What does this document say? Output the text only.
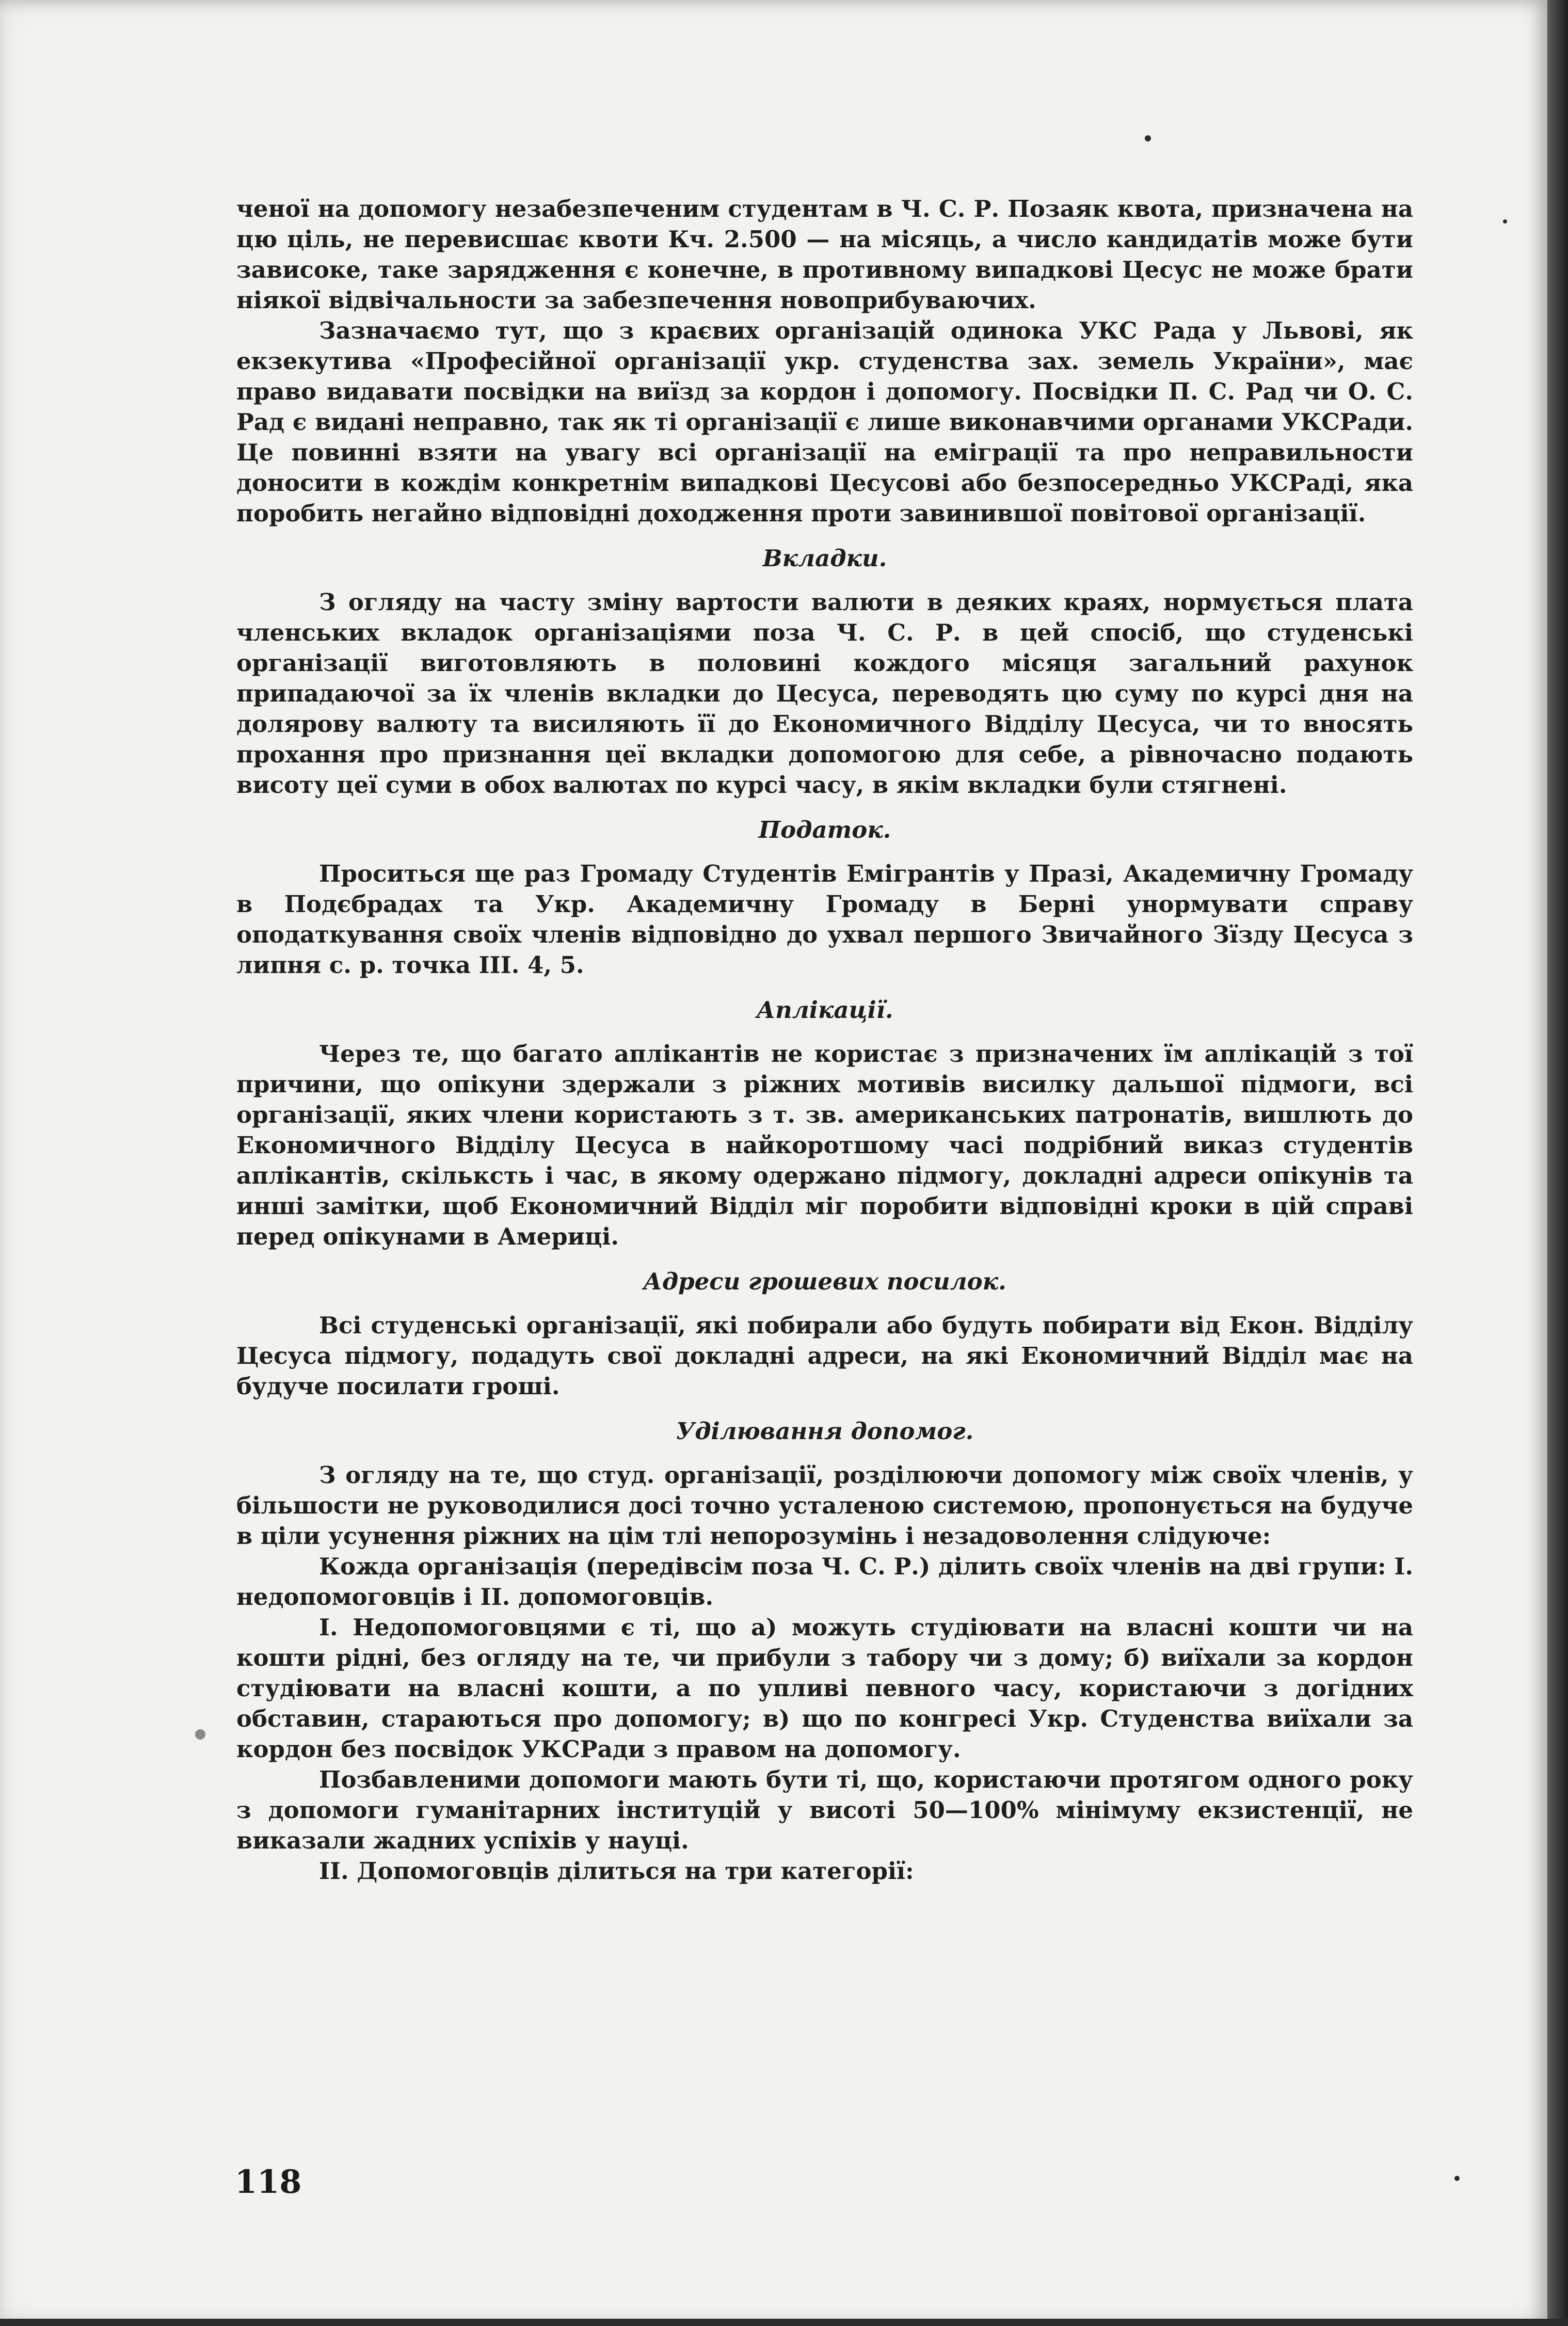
ченої на допомогу незабезпеченим студентам в Ч. С. Р. Позаяк квота, призначена на цю ціль, не перевисшає квоти Кч. 2.500 — на місяць, а число кандидатів може бути зависоке, таке зарядження є конечне, в противному випадкові Цесус не може брати ніякої відвічальности за забезпечення новоприбуваючих.

Зазначаємо тут, що з краєвих організацій одинока УКС Рада у Львові, як екзекутива «Професійної організації укр. студенства зах. земель України», має право видавати посвідки на виїзд за кордон і допомогу. Посвідки П. С. Рад чи О. С. Рад є видані неправно, так як ті організації є лише виконавчими органами УКСРади. Це повинні взяти на увагу всі організації на еміграції та про неправильности доносити в кождім конкретнім випадкові Цесусові або безпосередньо УКСРаді, яка поробить негайно відповідні доходження проти завинившої повітової організації.

Вкладки.

З огляду на часту зміну вартости валюти в деяких краях, нормується плата членських вкладок організаціями поза Ч. С. Р. в цей спосіб, що студенські організації виготовляють в половині кождого місяця загальний рахунок припадаючої за їх членів вкладки до Цесуса, переводять цю суму по курсі дня на долярову валюту та висиляють її до Економичного Відділу Цесуса, чи то вносять прохання про признання цеї вкладки допомогою для себе, а рівночасно подають висоту цеї суми в обох валютах по курсі часу, в якім вкладки були стягнені.

Податок.

Проситься ще раз Громаду Студентів Емігрантів у Празі, Академичну Громаду в Подєбрадах та Укр. Академичну Громаду в Берні унормувати справу оподаткування своїх членів відповідно до ухвал першого Звичайного Зїзду Цесуса з липня с. р. точка III. 4, 5.

Аплікації.

Через те, що багато аплікантів не користає з призначених їм аплікацій з тої причини, що опікуни здержали з ріжних мотивів висилку дальшої підмоги, всі організації, яких члени користають з т. зв. американських патронатів, вишлють до Економичного Відділу Цесуса в найкоротшому часі подрібний виказ студентів аплікантів, скільксть і час, в якому одержано підмогу, докладні адреси опікунів та инші замітки, щоб Економичний Відділ міг поробити відповідні кроки в цій справі перед опікунами в Америці.

Адреси грошевих посилок.

Всі студенські організації, які побирали або будуть побирати від Екон. Відділу Цесуса підмогу, подадуть свої докладні адреси, на які Економичний Відділ має на будуче посилати гроші.

Уділювання допомог.

З огляду на те, що студ. організації, розділюючи допомогу між своїх членів, у більшости не руководилися досі точно усталеною системою, пропонується на будуче в ціли усунення ріжних на цім тлі непорозумінь і незадоволення слідуюче:

Кожда організація (передівсім поза Ч. С. Р.) ділить своїх членів на дві групи: І. недопомоговців і II. допомоговців.

І. Недопомоговцями є ті, що а) можуть студіювати на власні кошти чи на кошти рідні, без огляду на те, чи прибули з табору чи з дому; б) виїхали за кордон студіювати на власні кошти, а по упливі певного часу, користаючи з догідних обставин, стараються про допомогу; в) що по конгресі Укр. Студенства виїхали за кордон без посвідок УКСРади з правом на допомогу.

Позбавленими допомоги мають бути ті, що, користаючи протягом одного року з допомоги гуманітарних інституцій у висоті 50—100% мінімуму екзистенції, не виказали жадних успіхів у науці.

II. Допомоговців ділиться на три категорії:

118
